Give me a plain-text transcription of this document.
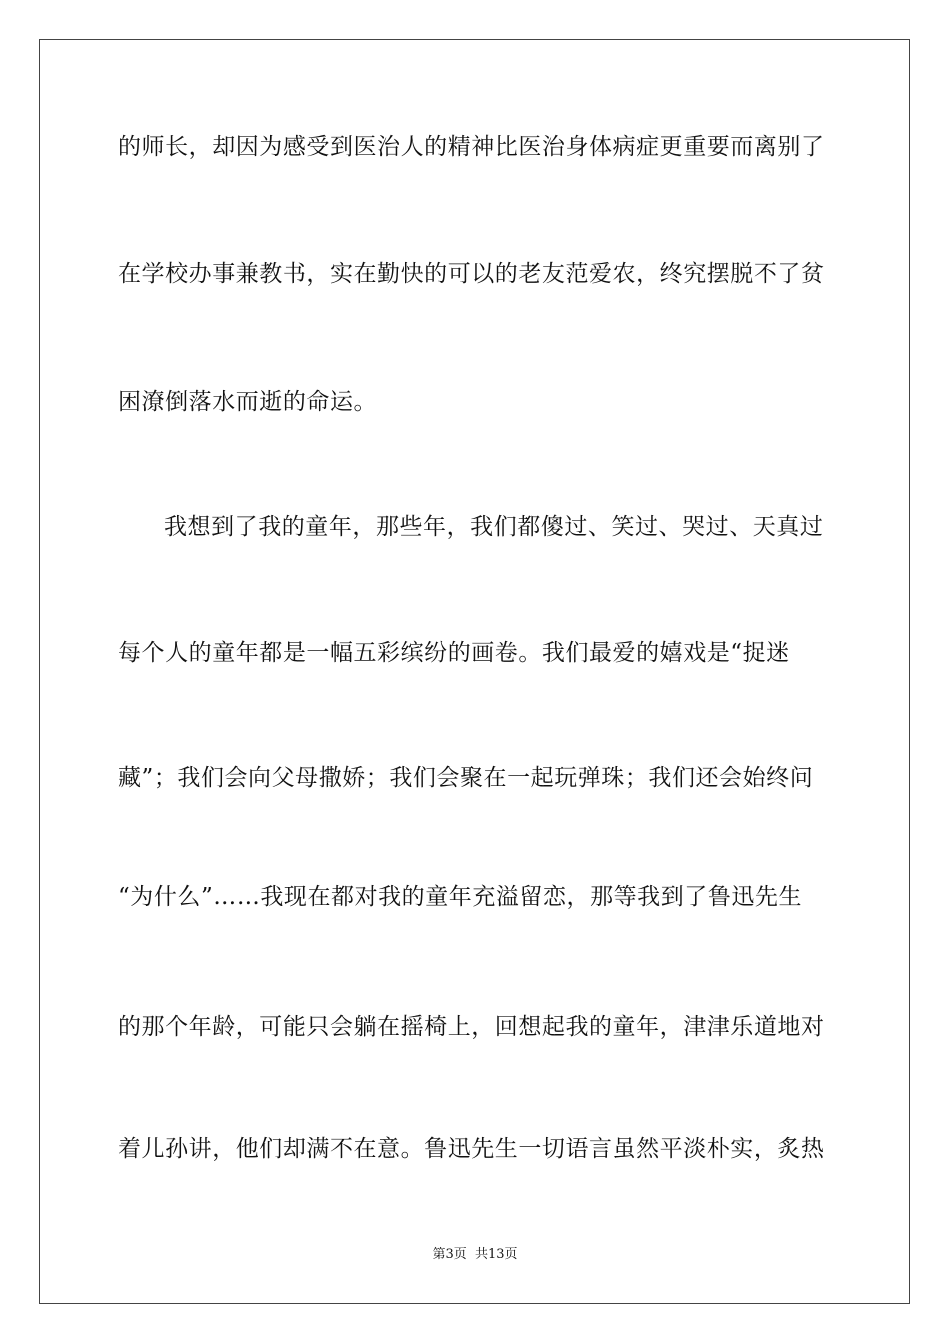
的师长，却因为感受到医治人的精神比医治身体病症更重要而离别了
在学校办事兼教书，实在勤快的可以的老友范爱农，终究摆脱不了贫
困潦倒落水而逝的命运。
我想到了我的童年，那些年，我们都傻过、笑过、哭过、天真过
每个人的童年都是一幅五彩缤纷的画卷。我们最爱的嬉戏是“捉迷
藏”；我们会向父母撒娇；我们会聚在一起玩弹珠；我们还会始终问
“为什么”……我现在都对我的童年充溢留恋，那等我到了鲁迅先生
的那个年龄，可能只会躺在摇椅上，回想起我的童年，津津乐道地对
着儿孙讲，他们却满不在意。鲁迅先生一切语言虽然平淡朴实，炙热
第3页  共13页
